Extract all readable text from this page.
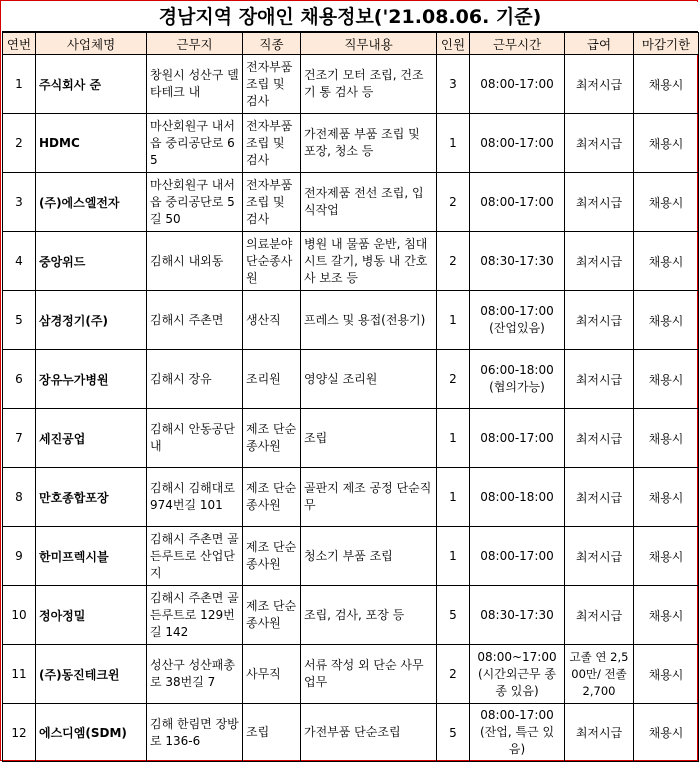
경남지역 장애인 채용정보('21.08.06. 기준)
연번	사업체명	근무지	직종	직무내용	인원	근무시간	급여	마감기한
1	주식회사 준	창원시 성산구 델타테크 내	전자부품 조립 및 검사	건조기 모터 조립, 건조기 통 검사 등	3	08:00-17:00	최저시급	채용시
2	HDMC	마산회원구 내서읍 중리공단로 65	전자부품 조립 및 검사	가전제품 부품 조립 및 포장, 청소 등	1	08:00-17:00	최저시급	채용시
3	(주)에스엘전자	마산회원구 내서읍 중리공단로 5길 50	전자부품 조립 및 검사	전자제품 전선 조립, 입식작업	2	08:00-17:00	최저시급	채용시
4	중앙위드	김해시 내외동	의료분야 단순종사원	병원 내 물품 운반, 침대시트 갈기, 병동 내 간호사 보조 등	2	08:30-17:30	최저시급	채용시
5	삼경정기(주)	김해시 주촌면	생산직	프레스 및 용접(전용기)	1	08:00-17:00 (잔업있음)	최저시급	채용시
6	장유누가병원	김해시 장유	조리원	영양실 조리원	2	06:00-18:00 (협의가능)	최저시급	채용시
7	세진공업	김해시 안동공단 내	제조 단순 종사원	조립	1	08:00-17:00	최저시급	채용시
8	만호종합포장	김해시 김해대로 974번길 101	제조 단순 종사원	골판지 제조 공정 단순직무	1	08:00-18:00	최저시급	채용시
9	한미프렉시블	김해시 주촌면 골든루트로 산업단지	제조 단순 종사원	청소기 부품 조립	1	08:00-17:00	최저시급	채용시
10	정아정밀	김해시 주촌면 골든루트로 129번길 142	제조 단순 종사원	조립, 검사, 포장 등	5	08:30-17:30	최저시급	채용시
11	(주)동진테크윈	성산구 성산패총로 38번길 7	사무직	서류 작성 외 단순 사무 업무	2	08:00~17:00 (시간외근무 종종 있음)	고졸 연 2,500만/ 전졸 2,700	채용시
12	에스디엠(SDM)	김해 한림면 장방로 136-6	조립	가전부품 단순조립	5	08:00-17:00 (잔업, 특근 있음)	최저시급	채용시
